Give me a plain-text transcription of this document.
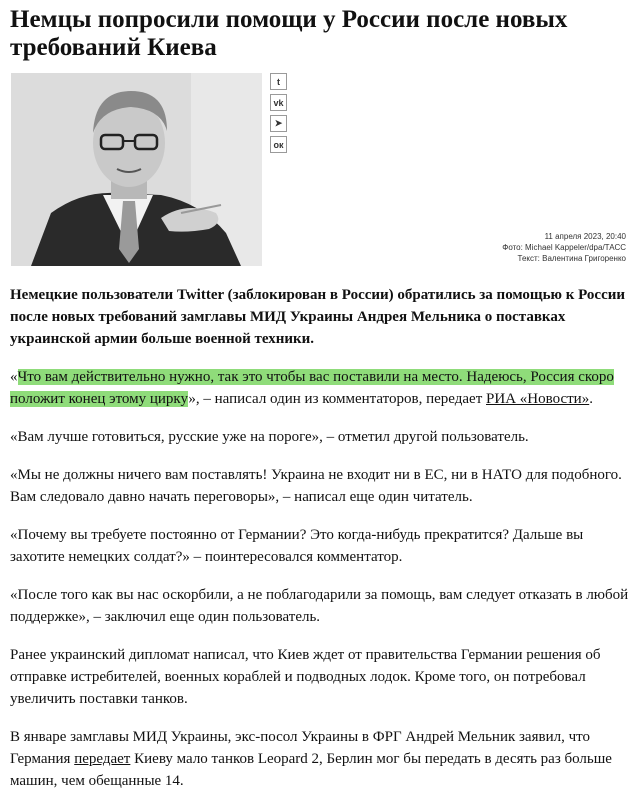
Немцы попросили помощи у России после новых требований Киева
t
vk
➤
ок
11 апреля 2023, 20:40
Фото: Michael Kappeler/dpa/ТАСС
Текст: Валентина Григоренко

Немецкие пользователи Twitter (заблокирован в России) обратились за помощью к России после новых требований замглавы МИД Украины Андрея Мельника о поставках украинской армии больше военной техники.

«Что вам действительно нужно, так это чтобы вас поставили на место. Надеюсь, Россия скоро положит конец этому цирку», – написал один из комментаторов, передает РИА «Новости».

«Вам лучше готовиться, русские уже на пороге», – отметил другой пользователь.

«Мы не должны ничего вам поставлять! Украина не входит ни в ЕС, ни в НАТО для подобного. Вам следовало давно начать переговоры», – написал еще один читатель.

«Почему вы требуете постоянно от Германии? Это когда-нибудь прекратится? Дальше вы захотите немецких солдат?» – поинтересовался комментатор.

«После того как вы нас оскорбили, а не поблагодарили за помощь, вам следует отказать в любой поддержке», – заключил еще один пользователь.

Ранее украинский дипломат написал, что Киев ждет от правительства Германии решения об отправке истребителей, военных кораблей и подводных лодок. Кроме того, он потребовал увеличить поставки танков.

В январе замглавы МИД Украины, экс-посол Украины в ФРГ Андрей Мельник заявил, что Германия передает Киеву мало танков Leopard 2, Берлин мог бы передать в десять раз больше машин, чем обещанные 14.
